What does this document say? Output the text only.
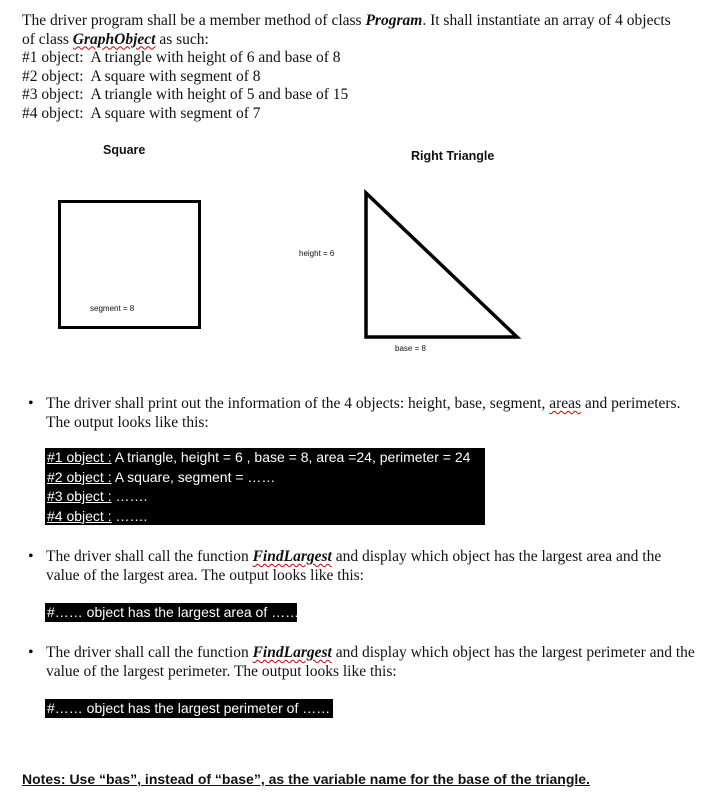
The driver program shall be a member method of class Program. It shall instantiate an array of 4 objects

of class GraphObject as such:

#1 object:  A triangle with height of 6 and base of 8

#2 object:  A square with segment of 8

#3 object:  A triangle with height of 5 and base of 15

#4 object:  A square with segment of 7

Square
segment = 8
Right Triangle
height = 6
base = 8
• The driver shall print out the information of the 4 objects: height, base, segment, areas and perimeters. The output looks like this:
#1 object : A triangle, height = 6 , base = 8, area =24, perimeter = 24
#2 object : A square, segment = ……
#3 object : …….
#4 object : …….
• The driver shall call the function FindLargest and display which object has the largest area and the value of the largest area. The output looks like this:
#…… object has the largest area of ……
• The driver shall call the function FindLargest and display which object has the largest perimeter and the value of the largest perimeter. The output looks like this:
#…… object has the largest perimeter of ……
Notes: Use “bas”, instead of “base”, as the variable name for the base of the triangle.
